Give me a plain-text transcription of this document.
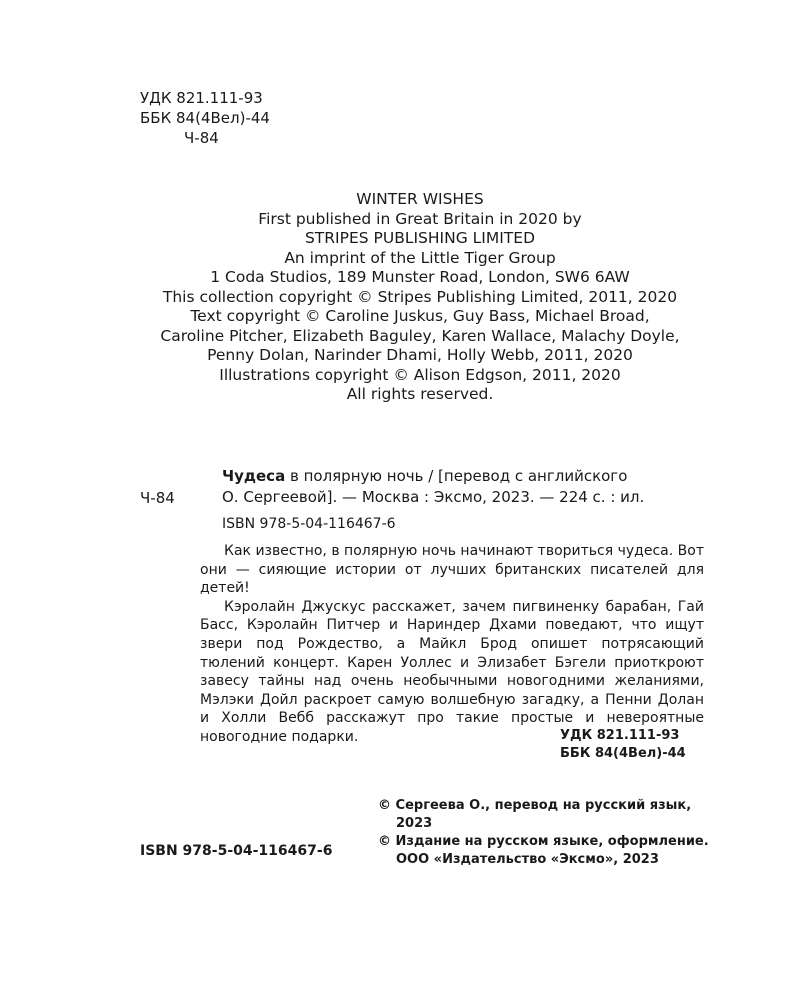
УДК 821.111-93
ББК 84(4Вел)-44
Ч-84
WINTER WISHES
First published in Great Britain in 2020 by
STRIPES PUBLISHING LIMITED
An imprint of the Little Tiger Group
1 Coda Studios, 189 Munster Road, London, SW6 6AW
This collection copyright © Stripes Publishing Limited, 2011, 2020
Text copyright © Caroline Juskus, Guy Bass, Michael Broad,
Caroline Pitcher, Elizabeth Baguley, Karen Wallace, Malachy Doyle,
Penny Dolan, Narinder Dhami, Holly Webb, 2011, 2020
Illustrations copyright © Alison Edgson, 2011, 2020
All rights reserved.
Ч-84
Чудеса в полярную ночь / [перевод с английского
О. Сергеевой]. — Москва : Эксмо, 2023. — 224 с. : ил.
ISBN 978-5-04-116467-6

Как известно, в полярную ночь начинают твориться чудеса. Вот они — сияющие истории от лучших британских писателей для детей!

Кэролайн Джускус расскажет, зачем пигвиненку барабан, Гай Басс, Кэролайн Питчер и Нариндер Дхами поведают, что ищут звери под Рождество, а Майкл Брод опишет потрясающий тюлений концерт. Карен Уоллес и Элизабет Бэгели приоткроют завесу тайны над очень необычными новогодними желаниями, Мэлэки Дойл раскроет самую волшебную загадку, а Пенни Долан и Холли Вебб расскажут про такие простые и невероятные новогодние подарки.	УДК 821.111-93
ББК 84(4Вел)-44
© Сергеева О., перевод на русский язык, 2023
© Издание на русском языке, оформление. ООО «Издательство «Эксмо», 2023
ISBN 978-5-04-116467-6
